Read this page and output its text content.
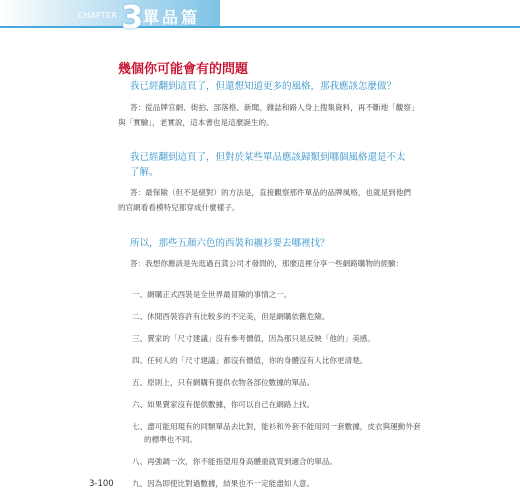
CHAPTER 3 單品篇
幾個你可能會有的問題

我已經翻到這頁了，但還想知道更多的風格，那我應該怎麼做？

答：從品牌官網、街拍、部落格、新聞、雜誌和路人身上搜集資料，再不斷地「觀察」與「實驗」，老實說，這本書也是這麼誕生的。

我已經翻到這頁了，但對於某些單品應該歸類到哪個風格還是不太了解。

答：最保險（但不是絕對）的方法是，直接觀察那件單品的品牌風格，也就是到他們的官網看看模特兒都穿成什麼樣子。

所以，那些五顏六色的西裝和襯衫要去哪裡找？

答：我想你應該是先逛過百貨公司才發問的，那麼這裡分享一些網路購物的經驗：

一、網購正式西裝是全世界最冒險的事情之一。
二、休閒西裝容許有比較多的不完美，但是網購依舊危險。
三、賣家的「尺寸建議」沒有參考價值，因為那只是反映「他的」美感。
四、任何人的「尺寸建議」都沒有價值，你的身體沒有人比你更清楚。
五、原則上，只有網購有提供衣物各部位數據的單品。
六、如果賣家沒有提供數據，你可以自己在網路上找。
七、盡可能用現有的同類單品去比對，能衫和外套不能用同一套數據，皮衣與運動外套的標準也不同。
八、再強調一次，你不能指望用身高體重就買到適合的單品。
九、因為即使比對過數據，結果也不一定能盡如人意。
3-100
